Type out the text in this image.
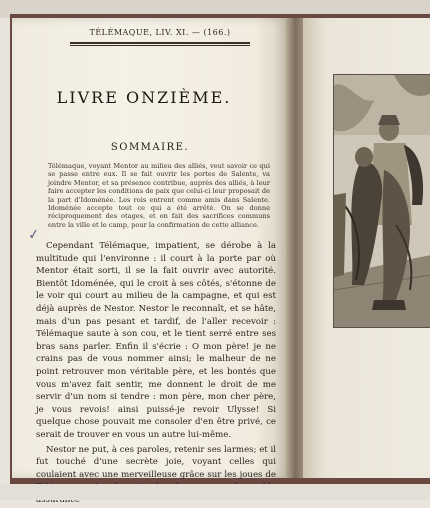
TÉLÉMAQUE, LIV. XI. — (166.)
LIVRE ONZIÈME.
SOMMAIRE.
Télémaque, voyant Mentor au milieu des alliés, veut savoir ce qui se passe entre eux. Il se fait ouvrir les portes de Salente, va joindre Mentor, et sa présence contribue, auprès des alliés, à leur faire accepter les conditions de paix que celui-ci leur proposait de la part d'Idoménée. Les rois entrent comme amis dans Salente. Idoménée accepte tout ce qui a été arrêté. On se donne réciproquement des otages, et on fait des sacrifices communs entre la ville et le camp, pour la confirmation de cette alliance.
✓

Cependant Télémaque, impatient, se dérobe à la multitude qui l'environne : il court à la porte par où Mentor était sorti, il se la fait ouvrir avec autorité. Bientôt Idoménée, qui le croit à ses côtés, s'étonne de le voir qui court au milieu de la campagne, et qui est déjà auprès de Nestor. Nestor le reconnaît, et se hâte, mais d'un pas pesant et tardif, de l'aller recevoir : Télémaque saute à son cou, et le tient serré entre ses bras sans parler. Enfin il s'écrie : O mon père! je ne crains pas de vous nommer ainsi; le malheur de ne point retrouver mon véritable père, et les bontés que vous m'avez fait sentir, me donnent le droit de me servir d'un nom si tendre : mon père, mon cher père, je vous revois! ainsi puissé-je revoir Ulysse! Si quelque chose pouvait me consoler d'en être privé, ce serait de trouver en vous un autre lui-même.

Nestor ne put, à ces paroles, retenir ses larmes; et il fut touché d'une secrète joie, voyant celles qui coulaient avec une merveilleuse grâce sur les joues de
